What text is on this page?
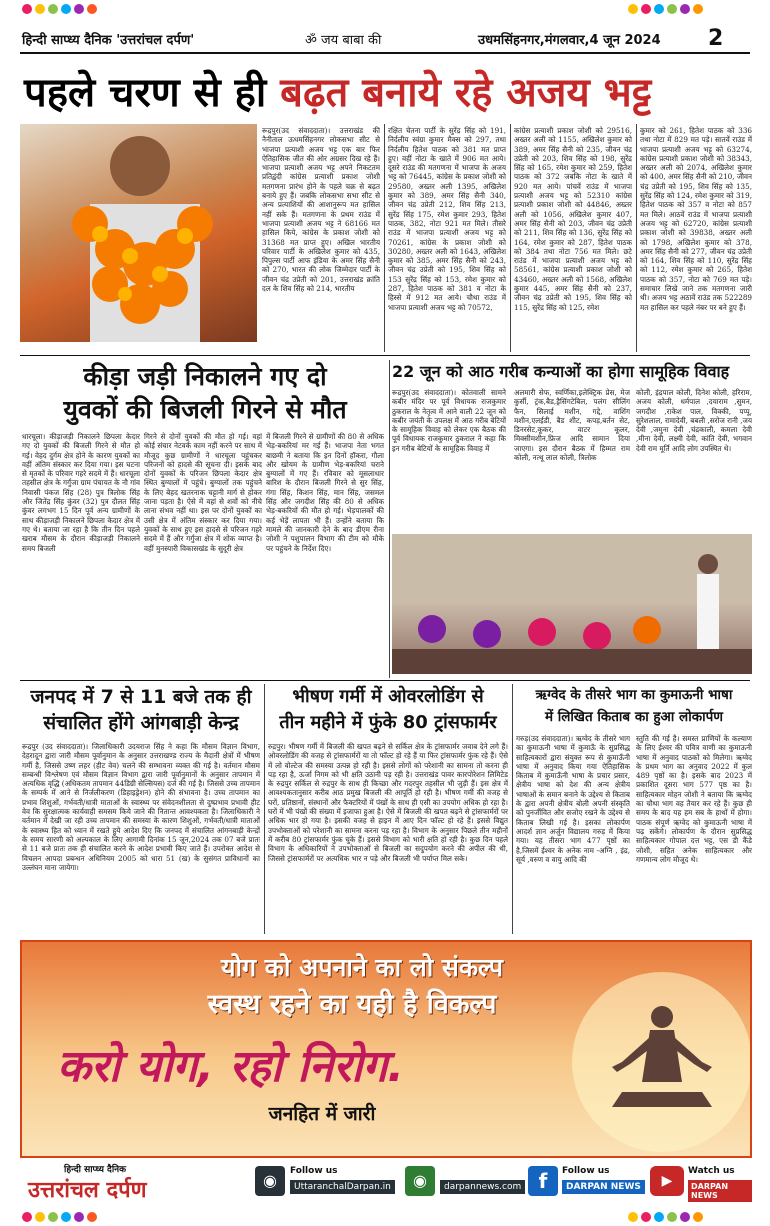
हिन्दी साप्ध्य दैनिक 'उत्तरांचल दर्पण'	ॐ जय बाबा की	उधमसिंहनगर,मंगलवार,4 जून 2024 2
पहले चरण से ही बढ़त बनाये रहे अजय भट्ट
रूद्रपुर(उद संवाददाता)। उत्तराखंड की नैनीताल ऊधमसिंहनगर लोकसभा सीट से भाजपा प्रत्याशी अजय भट्ट एक बार फिर ऐतिहासिक जीत की ओर अग्रसर दिख रहे हैं। भाजपा प्रत्याशी अजय भट्ट अपने निकटतम प्रतिद्वंदी कांग्रेस प्रत्याशी प्रकाश जोशी मतगणना प्रारंभ होने के पहले चक्र से बढ़त बनाये हुए हैं। जबकि लोकसभा सभा सीट से अन्य प्रत्याशियों की आशानुरूप मत हासिल नहीं सके हैं। मतगणना के प्रथम राउंड में भाजपा प्रत्याशी अजय भट्ट ने 68166 मत हासिल किये, कांग्रेस के प्रकाश जोशी को 31368 मत प्राप्त हुए। अखिल भारतीय परिवार पार्टी के अखिलेश कुमार को 435, पिपुल्स पार्टी आफ इंडिया के अमर सिंह सैनी को 270, भारत की लोक जिम्मेदार पार्टी के जीवन चंद्र उप्रेती को 201, उत्तराखंड क्रांति दल के शिव सिंह को 214, भारतीय
रक्षित चेतना पार्टी के सुरेंद्र सिंह को 191, निर्दलीय स्वंग्रा कुमार मैक्स को 297, तथा निर्दलीय हितेश पाठक को 381 मत प्राप्त हुए। वहीं नोटा के खाते में 906 मत आये। दूसरे राउंड की मतगणना में भाजपा के अजय भट्ट को 76445, कांग्रेस के प्रकाश जोशी को 29580, अख्तर अली 1395, अखिलेश कुमार को 389, अमर सिंह सैनी 340, जीवन चंद्र उप्रेती 212, शिव सिंह 213, सुरेंद्र सिंह 175, रमेश कुमार 293, हितेश पाठक, 382, नोटा 921 मत मिले। तीसरे राउंड में भाजपा प्रत्याशी अजय भट्ट को 70261, कांग्रेस के प्रकाश जोशी को 30280, अख्तर अली को 1643, अखिलेश कुमार को 385, अमर सिंह सैनी को 243, जीवन चंद्र उप्रेती को 195, शिव सिंह को 153 सुरेंद्र सिंह को 153, रमेश कुमार को 287, हितेश पाठक को 381 व नोटा के हिस्से में 912 मत आये। चौथा राउंड में भाजपा प्रत्याशी अजय भट्ट को 70572,
कांग्रेस प्रत्याशी प्रकाश जोशी को 29516, अख्तर अली को 1155, अखिलेश कुमार को 389, अमर सिंह सैनी को 235, जीवन चंद्र उप्रेती को 203, शिव सिंह को 198, सुरेंद्र सिंह को 165, रमेश कुमार को 259, हितेश पाठक को 372 जबकि नोटा के खाते में 920 मत आये। पांचवें राउंड में भाजपा प्रत्याशी अजय भट्ट को 52310 कांग्रेस प्रत्याशी प्रकाश जोशी को 44846, अख्तर अली को 1056, अखिलेश कुमार 407, अमर सिंह सैनी को 203, जीवन चंद्र उप्रेती को 211, शिव सिंह को 136, सुरेंद्र सिंह को 164, रमेश कुमार को 287, हितेश पाठक को 384 तथा नोटा 756 मत मिले। छटे राउंड में भाजपा प्रत्याशी अजय भट्ट को 58561, कांग्रेस प्रत्याशी प्रकाश जोशी को 43460, अख्तर अली को 1568, अखिलेश कुमार 445, अमर सिंह सैनी को 237, जीवन चंद्र उप्रेती को 195, शिव सिंह को 115, सुरेंद्र सिंह को 125, रमेश
कुमार को 261, हितेश पाठक को 336 तथा नोटा में 829 मत पड़े। सातवें राउंड में भाजपा प्रत्याशी अजय भट्ट को 63274, कांग्रेस प्रत्याशी प्रकाश जोशी को 38343, अख्तर अली को 2074, अखिलेश कुमार को 400, अमर सिंह सैनी को 210, जीवन चंद्र उप्रेती को 195, शिव सिंह को 135, सुरेंद्र सिंह को 124, रमेश कुमार को 319, हितेश पाठक को 357 व नोटा को 857 मत मिले। आठवें राउंड में भाजपा प्रत्याशी अजय भट्ट को 62720, कांग्रेस प्रत्याशी प्रकाश जोशी को 39838, अख्तर अली को 1798, अखिलेश कुमार को 378, अमर सिंह सैनी को 277, जीवन चंद्र उप्रेती को 164, शिव सिंह को 110, सुरेंद्र सिंह को 112, रमेश कुमार को 265, हितेश पाठक को 357, नोटा को 769 मत पड़े। समाचार लिखे जाने तक मतगणना जारी थी। अजय भट्ट अठावें राउंड तक 522289 मत हासिल कर पहले नंबर पर बने हुए हैं।
कीड़ा जड़ी निकालने गए दो
युवकों की बिजली गिरने से मौत
धारचूला। कीड़ाजड़ी निकालने छिपला केदार गए दो युवकों की बिजली गिरने से मौत हो गई। वेहद दुर्गम क्षेत्र होने के कारण युवकों का वहीं अंतिम संस्कार कर दिया गया। इस घटना से मृतकों के परिवार गहरे सदमे में हैं। धारचूला तहसील क्षेत्र के गर्गुंजा ग्राम पंचायत के नौ गांव निवासी पंकज सिंह (28) पुत्र त्रिलोक सिंह और जितेंद्र सिंह कुंवर (32) पुत्र दौलत सिंह कुंवर लगभग 15 दिन पूर्व अन्य ग्रामीणों के साथ कीड़ाजड़ी निकालने छिपला केदार क्षेत्र में गए थे। बताया जा रहा है कि तीन दिन पहले खराब मौसम के दौरान कीड़ाजड़ी निकालने समय बिजली
गिरने से दोनों युवकों की मौत हो गई। वहां कोई संचार नेटवर्क काम नहीं करने पर साथ में मौजूद कुछ ग्रामीणों ने धारचूला पहुंचकर परिजनों को हादसे की सूचना दी। इसके बाद दोनों युवकों के परिजन छिपला केदार क्षेत्र स्थित बुग्यालों में पहुंचे। बुग्यालों तक पहुंचने के लिए बेहद खतरनाक चट्टानी मार्ग से होकर जाना पड़ता है। ऐसे में वहां से शवों को नीचे लाना संभव नहीं था। इस पर दोनों युवकों का उसी क्षेत्र में अंतिम संस्कार कर दिया गया। युवकों के साथ हुए इस हादसे से परिजन गहरे सदमे में हैं और गर्गुंजा क्षेत्र में शोक व्याप्त है। वहीं मुनस्यारी विकासखंड के सुदूरी क्षेत्र
में बिजली गिरने से ग्रामीणों की 80 से अधिक भेड़-बकरियां मर गई हैं। भाजपा नेता भगत बाछमी ने बताया कि इन दिनों हॉकरा, गौला और खोयम के ग्रामीण भेड़-बकरियां चराने बुग्यालों में गए हैं। रविवार को मूसलाधार बारिश के दौरान बिजली गिरने से सुर सिंह, गंगा सिंह, किशन सिंह, मान सिंह, जसमल सिंह और जगदीश सिंह की 80 से अधिक भेड़-बकरियों की मौत हो गई। भेड़पालकों की कई भेड़ें लापता भी हैं। उन्होंने बताया कि मामले की जानकारी देने के बाद डीएम रीना जोशी ने पशुपालन विभाग की टीम को मौके पर पहुंचने के निर्देश दिए।
22 जून को आठ गरीब कन्याओं का होगा सामूहिक विवाह
रूद्रपुर(उद संवाददाता)। कोतवाली सामने कबीर मंदिर पर पूर्व विधायक राजकुमार ठुकराल के नेतृत्व में आने वाली 22 जून को कबीर जयंती के उपलक्ष में आठ गरीब बेटियों के सामूहिक विवाह को लेकर एक बैठक की पूर्व विधायक राजकुमार ठुकराल ने कहा कि इन गरीब बेटियों के सामूहिक विवाह में
अलमारी सेफ, स्वर्णिका,इलेक्ट्रिक प्रेस, मेज कुर्सी, ट्रंक,बैड,ड्रैसिंगटेबिल, पलंग सीलिंग फैन, सिलाई मशीन, गद्दे, वाशिंग मशीन,एलईडी, बैड शीट, कपड़,बर्तन सेट, डिनरसेट,कूकर, वाटर कूलर, मिक्सीमशीन,फ्रिज आदि सामान दिया जाएगा। इस दौरान बैठक में हिम्मत राम कोली, नत्थू लाल कोली, त्रिलोक
कोली, इंद्रपाल कोली, दिनेश कोली, हरिराम, अजय कोली, धर्मपाल ,दयाराम ,सुमन, जगदीश ,राकेश पाल, विक्की, पप्पू, सुरेशलाल, रामादेवी, बबली ,सरोज रानी ,जय देवी ,जमुना देवी ,चंद्रकाली, कमला देवी ,मीना देवी, लक्ष्मी देवी, कांति देवी, भगवान देवी राम मूर्ति आदि लोग उपस्थित थे।
जनपद में 7 से 11 बजे तक ही
संचालित होंगे आंगबाड़ी केन्द्र
रूद्रपुर (उद संवाददाता)। जिलाधिकारी उदयराज सिंह ने कहा कि मौसम विज्ञान विभाग, देहरादून द्वारा जारी मौसम पूर्वानुमान के अनुसार उत्तराखण्ड राज्य के मैदानी क्षेत्रों में भीषण गर्मी है, जिससे उष्ण लहर (हीट वेव) चलने की सम्भावना व्यक्त की गई है। वर्तमान मौसम सम्बन्धी विश्लेषण एवं मौसम विज्ञान विभाग द्वारा जारी पूर्वानुमानों के अनुसार तापमान में अत्यधिक वृद्धि (अधिकतम तापमान 44डिग्री सेल्सियस) दर्ज की गई है। जिससे उच्च तापमान के सम्पर्क में आने से निर्जलीकरण (डिहाइड्रेशन) होने की संभावना है। उच्च तापमान का प्रभाव शिशुओं, गर्भवती/धात्री माताओं के स्वास्थ्य पर संवेदनशीलता से दुष्प्रभाव प्रभावी हीट वेव कि सुरक्षात्मक कार्यवाही समसम किये जाने की नितान्त आवश्यकता है। जिलाधिकारी ने वर्तमान में देखी जा रही उच्च तापमान की समस्या के कारण शिशुओं, गर्भवती/धात्री माताओं के स्वास्थ्य हित को ध्यान में रखते हुये आदेश दिए कि जनपद में संचालित आंगनबाड़ी केन्द्रों के समय सारणी को अल्पकाल के लिए आगामी दिनांक 15 जून,2024 तक 07 बजे प्रातः से 11 बजे प्रातः तक ही संचालित करने के आदेश प्रभावी किए जाते हैं। उपरोक्त आदेश से विचलन आपदा प्रबन्धन अधिनियम 2005 को धारा 51 (ख) के सुसंगत प्राविधानों का उल्लंघन माना जायेगा।
भीषण गर्मी में ओवरलोडिंग से
तीन महीने में फुंके 80 ट्रांसफार्मर
रुद्रपुर। भीषण गर्मी में बिजली की खपत बढ़ने से सर्किल क्षेत्र के ट्रांसफार्मर जवाब देने लगे हैं। ओवरलोडिंग की वजह से ट्रांसफार्मरों या तो फॉल्ट हो रहे हैं या फिर ट्रांसफार्मर फुंक रहे हैं। ऐसे में लो वोल्टेज की समस्या उत्पन्न हो रही है। इससे लोगों को परेशानी का सामना तो करना ही पड़ रहा है, ऊर्जा निगम को भी क्षति उठानी पड़ रही है। उत्तराखंड पावर कारपोरेशन लिमिटेड के रुद्रपुर सर्किल से रुद्रपुर के साथ ही किच्छा और गदरपुर तहसील भी जुड़ी हैं। इस क्षेत्र में आवश्यकतानुसार करीब आठ प्रमुख बिजली की आपूर्ति हो रही है। भीषण गर्मी की वजह से घरों, प्रतिष्ठानों, संस्थानों और फैक्टरियों में पंखों के साथ ही एसी का उपयोग अधिक हो रहा है। घरों में भी पंखों की संख्या में इजाफा हुआ है। ऐसे में बिजली की खपत बढ़ने से ट्रांसफार्मरों पर अधिक भार हो गया है। इसकी वजह से हाइन में आए दिन फॉल्ट हो रहे हैं। इससे विद्युत उपभोक्ताओं को परेशानी का सामना करना पड़ रहा है। विभाग के अनुसार पिछले तीन महीनों में करीब 80 ट्रांसफार्मर फुंक चुके हैं। इससे विभाग को भारी क्षति हो रही है। कुछ दिन पहले विभाग के अधिकारियों ने उपभोक्ताओं से बिजली का सदुपयोग करने की अपील की थी, जिससे ट्रांसफार्मरों पर अत्यधिक भार न पड़े और बिजली भी पर्याप्त मिल सके।
ऋग्वेद के तीसरे भाग का कुमाऊनी भाषा
में लिखित किताब का हुआ लोकार्पण
गरुड़(उद संवाददाता)। ऋग्वेद के तीसरे भाग का कुमाऊनी भाषा में कुमाऊँ के सुप्रसिद्ध साहित्यकारों द्वारा संयुक्त रूप से कुमाऊँनी भाषा में अनुवाद किया गया ऐतिहासिक किताब में कुमाऊँनी भाषा के प्रचार प्रसार, क्षेत्रीय भाषा को देश की अन्य क्षेत्रीय भाषाओं के समान बनाने के उद्देश्य से किताब के द्वारा अपनी क्षेत्रीय बोली अपनी संस्कृति को पुनर्जीवित और सजोए रखने के उद्देश्य से किताब लिखी गई है। इसका लोकार्पण आदर्श ज्ञान अर्जुन विद्यालय गरुड़ में किया गया। यह तीसरा भाग 477 पृष्ठों का है,जिसमें ईश्वर के अनेक नाम -अग्नि , इंद्र, सूर्य ,वरुण व वायु आदि की
स्तुति की गई है। समस्त प्राणियों के कल्याण के लिए ईश्वर की पवित्र वाणी का कुमाऊनी भाषा में अनुवाद पाठकों को मिलेगा। ऋग्वेद के प्रथम भाग का अनुवाद 2022 में कुल 489 पृष्ठों का है। इसके बाद 2023 में प्रकाशित दूसरा भाग 577 पृष्ठ का है। साहित्यकार मोहन जोशी ने बताया कि ऋग्वेद का चौथा भाग वह तैयार कर रहे हैं। कुछ ही समय के बाद यह हम सब के हाथों में होगा। पाठक संपूर्ण ऋग्वेद को कुमाऊनी भाषा में पढ़ सकेंगे। लोकार्पण के दौरान सुप्रसिद्ध साहित्यकार गोपाल दत्त भट्ट, एस डी कैंडे जोशी, सहित अनेक साहित्यकार और गणमान्य लोग मौजूद थे।
योग को अपनाने का लो संकल्प
स्वस्थ रहने का यही है विकल्प
करो योग, रहो निरोग.
जनहित में जारी
हिन्दी साप्ध्य दैनिक
उत्तरांचल दर्पण	◉	Follow us
UttaranchalDarpan.in	◉	darpannews.com f	Follow us
DARPAN NEWS	▶
Watch us
DARPAN NEWS
